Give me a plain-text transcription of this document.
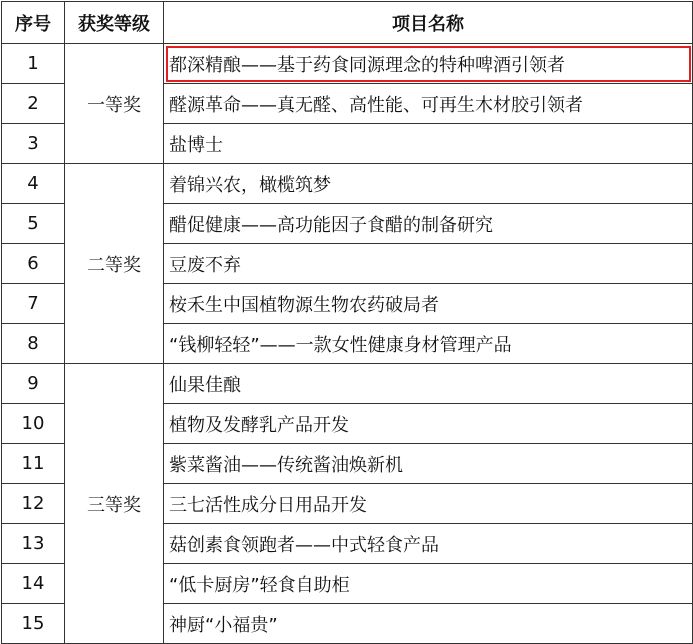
序号	获奖等级	项目名称
1	一等奖	都深精酿——基于药食同源理念的特种啤酒引领者
2		醛源革命——真无醛、高性能、可再生木材胶引领者
3		盐博士
4	二等奖	着锦兴农，橄榄筑梦
5		醋促健康——高功能因子食醋的制备研究
6		豆废不弃
7		桉禾生中国植物源生物农药破局者
8		“钱柳轻轻”——一款女性健康身材管理产品
9	三等奖	仙果佳酿
10		植物及发酵乳产品开发
11		紫菜酱油——传统酱油焕新机
12		三七活性成分日用品开发
13		菇创素食领跑者——中式轻食产品
14		“低卡厨房”轻食自助柜
15		神厨“小福贵”
